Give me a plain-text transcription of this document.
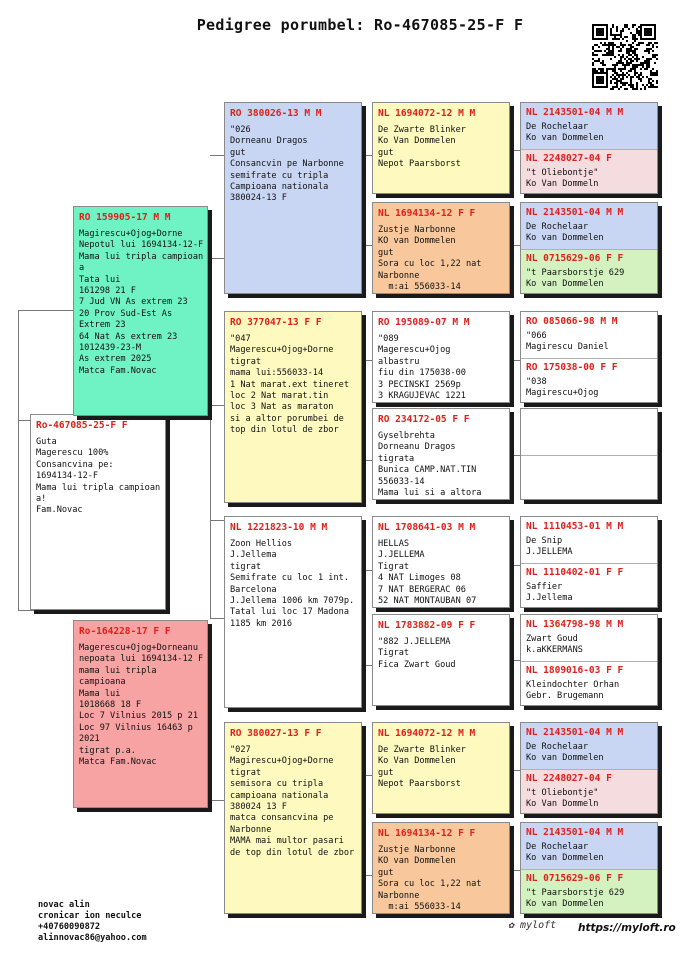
Pedigree porumbel: Ro-467085-25-F F
Ro-467085-25-F F
Guta
Magerescu 100%
Consancvina pe:
1694134-12-F
Mama lui tripla campioan
a!
Fam.Novac
RO 159905-17 M M
Magirescu+Ojog+Dorne
Nepotul lui 1694134-12-F
Mama lui tripla campioan
a
Tata lui
161298 21 F
7 Jud VN As extrem 23
20 Prov Sud-Est As
Extrem 23
64 Nat As extrem 23
1012439-23-M
As extrem 2025
Matca Fam.Novac
Ro-164228-17 F F
Magerescu+Ojog+Dorneanu
nepoata lui 1694134-12 F
mama lui tripla
campioana
Mama lui
1018668 18 F
Loc 7 Vilnius 2015 p 21
Loc 97 Vilnius 16463 p
2021
tigrat p.a.
Matca Fam.Novac
RO 380026-13 M M
"026
Dorneanu Dragos
gut
Consancvin pe Narbonne
semifrate cu tripla
Campioana nationala
380024-13 F
RO 377047-13 F F
"047
Magerescu+Ojog+Dorne
tigrat
mama lui:556033-14
1 Nat marat.ext tineret
loc 2 Nat marat.tin
loc 3 Nat as maraton
si a altor porumbei de
top din lotul de zbor
NL 1221823-10 M M
Zoon Hellios
J.Jellema
tigrat
Semifrate cu loc 1 int.
Barcelona
J.Jellema 1006 km 7079p.
Tatal lui loc 17 Madona
1185 km 2016
RO 380027-13 F F
"027
Magirescu+Ojog+Dorne
tigrat
semisora cu tripla
campioana nationala
380024 13 F
matca consancvina pe
Narbonne
MAMA mai multor pasari
de top din lotul de zbor
NL 1694072-12 M M
De Zwarte Blinker
Ko Van Dommelen
gut
Nepot Paarsborst
NL 1694134-12 F F
Zustje Narbonne
KO van Dommelen
gut
Sora cu loc 1,22 nat
Narbonne
m:ai 556033-14
RO 195089-07 M M
"089
Magerescu+Ojog
albastru
fiu din 175038-00
3 PECINSKI 2569p
3 KRAGUJEVAC 1221
RO 234172-05 F F
Gyselbrehta
Dorneanu Dragos
tigrata
Bunica CAMP.NAT.TIN
556033-14
Mama lui si a altora
NL 1708641-03 M M
HELLAS
J.JELLEMA
Tigrat
4 NAT Limoges 08
7 NAT BERGERAC 06
52 NAT MONTAUBAN 07
NL 1783882-09 F F
"882 J.JELLEMA
Tigrat
Fica Zwart Goud
NL 1694072-12 M M
De Zwarte Blinker
Ko Van Dommelen
gut
Nepot Paarsborst
NL 1694134-12 F F
Zustje Narbonne
KO van Dommelen
gut
Sora cu loc 1,22 nat
Narbonne
m:ai 556033-14
NL 2143501-04 M M
De Rochelaar
Ko van Dommelen
NL 2248027-04 F
"t Oliebontje"
Ko Van Dommeln
NL 2143501-04 M M
De Rochelaar
Ko van Dommelen
NL 0715629-06 F F
"t Paarsborstje 629
Ko van Dommelen
RO 085066-98 M M
"066
Magirescu Daniel
RO 175038-00 F F
"038
Magirescu+Ojog
NL 1110453-01 M M
De Snip
J.JELLEMA
NL 1110402-01 F F
Saffier
J.Jellema
NL 1364798-98 M M
Zwart Goud
k.aKKERMANS
NL 1809016-03 F F
Kleindochter Orhan
Gebr. Brugemann
NL 2143501-04 M M
De Rochelaar
Ko van Dommelen
NL 2248027-04 F
"t Oliebontje"
Ko Van Dommeln
NL 2143501-04 M M
De Rochelaar
Ko van Dommelen
NL 0715629-06 F F
"t Paarsborstje 629
Ko van Dommelen
novac alin
cronicar ion neculce
+40760090872
alinnovac86@yahoo.com
✿ myloft https://myloft.ro
